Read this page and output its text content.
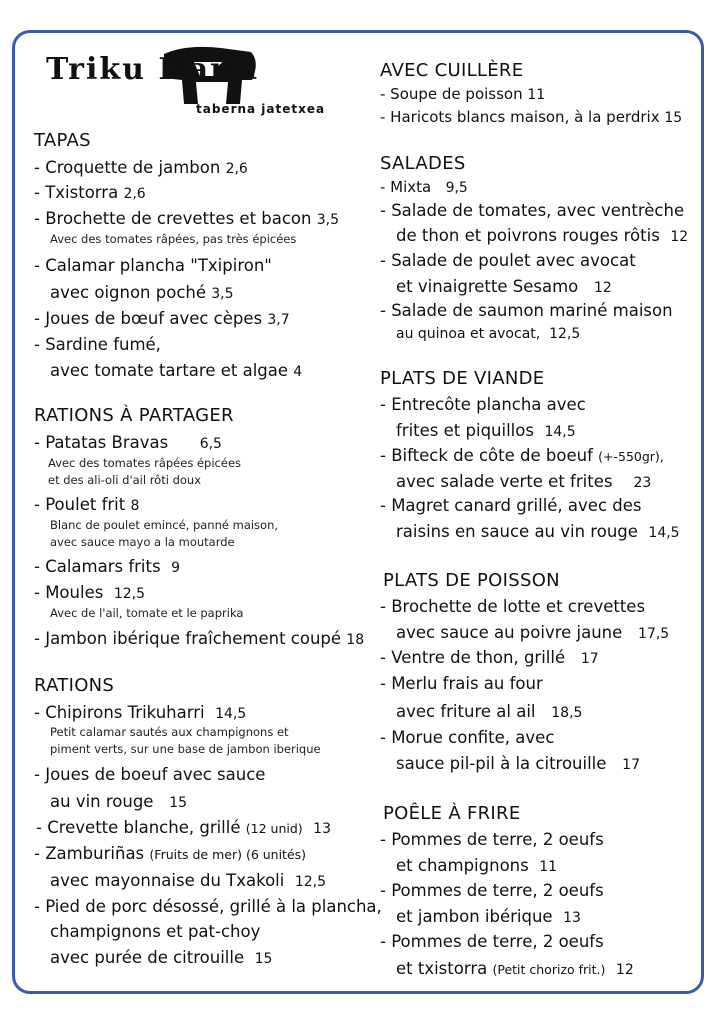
Triku Harri
taberna jatetxea
TAPAS
- Croquette de jambon 2,6
- Txistorra 2,6
- Brochette de crevettes et bacon 3,5
Avec des tomates râpées, pas très épicées
- Calamar plancha "Txipiron"
avec oignon poché 3,5
- Joues de bœuf avec cèpes 3,7
- Sardine fumé,
avec tomate tartare et algae 4
RATIONS À PARTAGER
- Patatas Bravas 6,5
Avec des tomates râpées épicées
et des ali-oli d'ail rôti doux
- Poulet frit 8
Blanc de poulet emincé, panné maison,
avec sauce mayo a la moutarde
- Calamars frits 9
- Moules 12,5
Avec de l'ail, tomate et le paprika
- Jambon ibérique fraîchement coupé 18
RATIONS
- Chipirons Trikuharri 14,5
Petit calamar sautés aux champignons et
piment verts, sur une base de jambon iberique
- Joues de boeuf avec sauce
au vin rouge 15
- Crevette blanche, grillé (12 unid) 13
- Zamburiñas (Fruits de mer) (6 unités)
avec mayonnaise du Txakoli 12,5
- Pied de porc désossé, grillé à la plancha,
champignons et pat-choy
avec purée de citrouille 15
AVEC CUILLÈRE
- Soupe de poisson 11
- Haricots blancs maison, à la perdrix 15
SALADES
- Mixta 9,5
- Salade de tomates, avec ventrèche
de thon et poivrons rouges rôtis 12
- Salade de poulet avec avocat
et vinaigrette Sesamo 12
- Salade de saumon mariné maison
au quinoa et avocat, 12,5
PLATS DE VIANDE
- Entrecôte plancha avec
frites et piquillos 14,5
- Bifteck de côte de boeuf (+-550gr),
avec salade verte et frites 23
- Magret canard grillé, avec des
raisins en sauce au vin rouge 14,5
PLATS DE POISSON
- Brochette de lotte et crevettes
avec sauce au poivre jaune 17,5
- Ventre de thon, grillé 17
- Merlu frais au four
avec friture al ail 18,5
- Morue confite, avec
sauce pil-pil à la citrouille 17
POÊLE À FRIRE
- Pommes de terre, 2 oeufs
et champignons 11
- Pommes de terre, 2 oeufs
et jambon ibérique 13
- Pommes de terre, 2 oeufs
et txistorra (Petit chorizo frit.) 12
